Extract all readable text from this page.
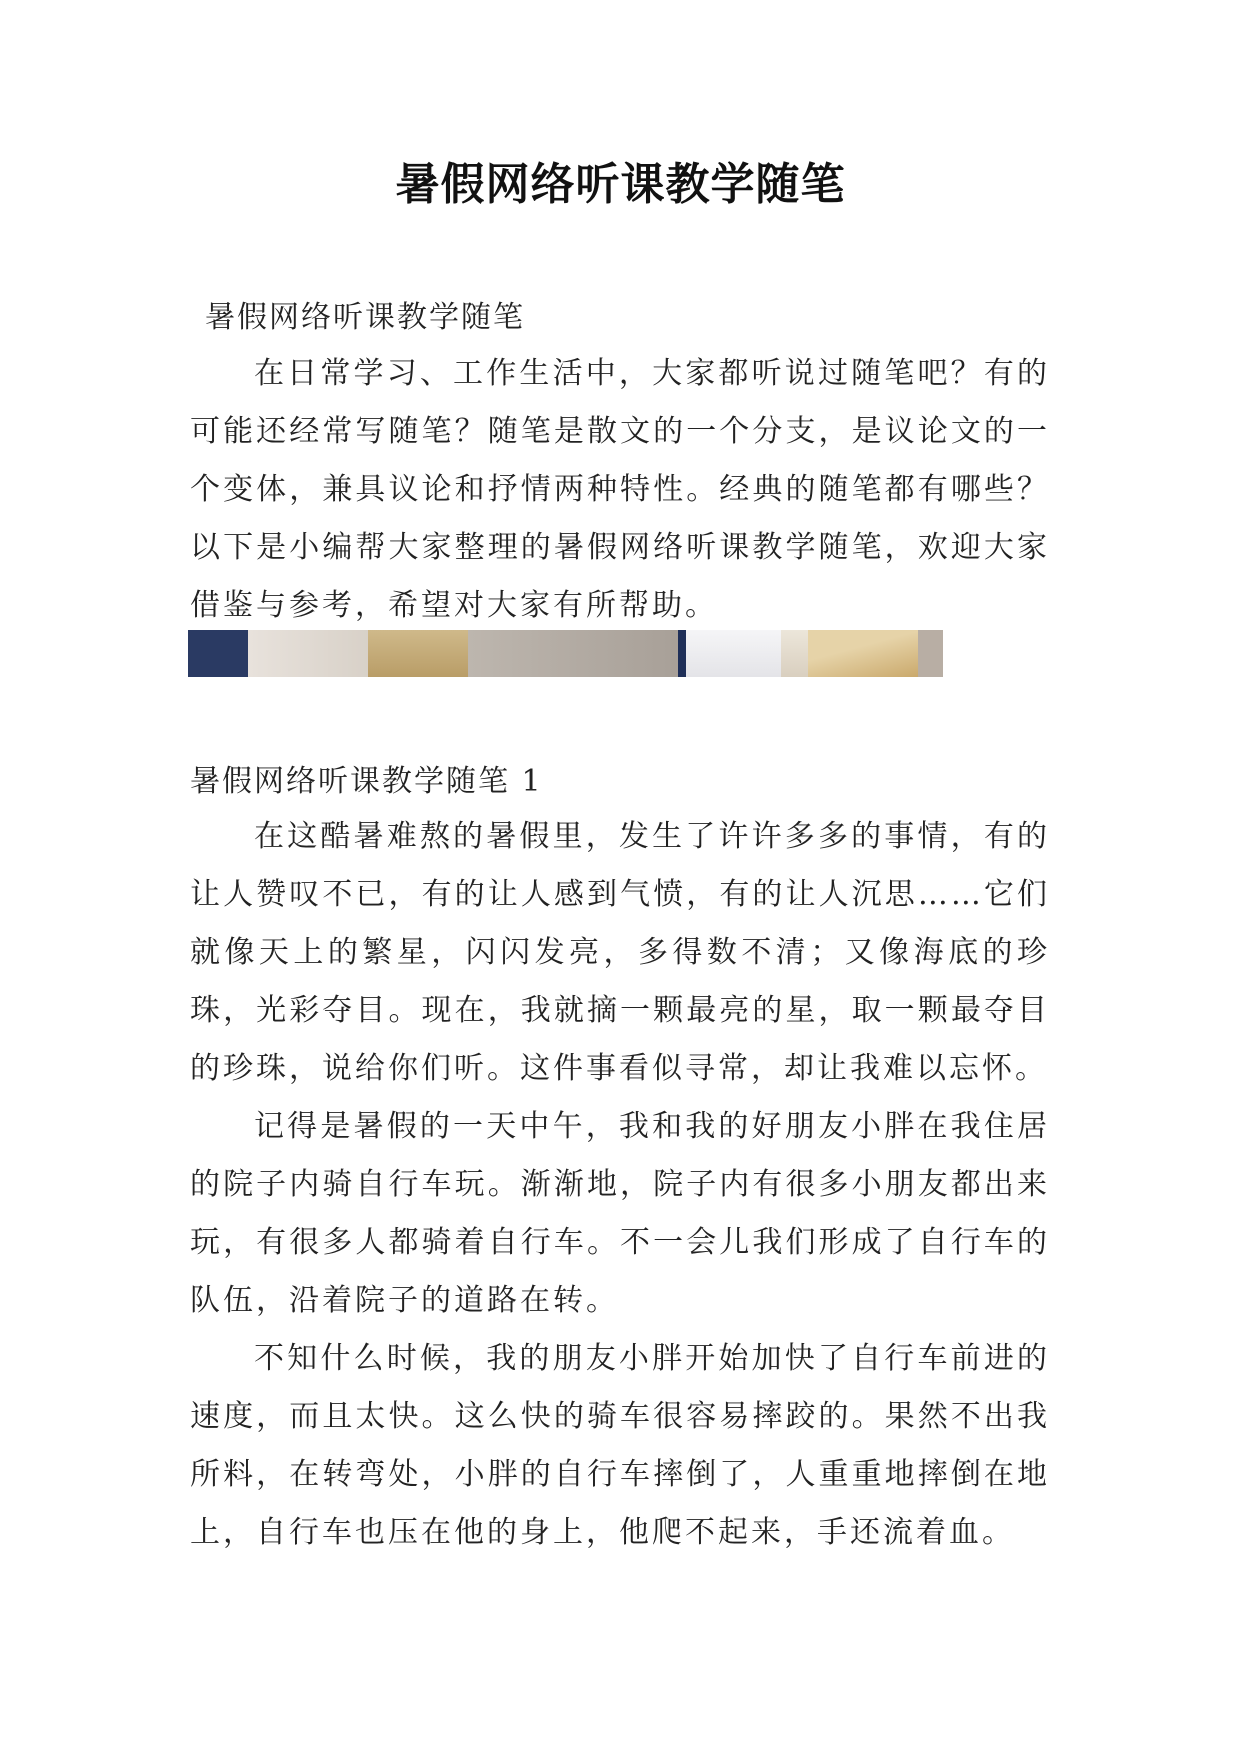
暑假网络听课教学随笔
暑假网络听课教学随笔
在日常学习、工作生活中，大家都听说过随笔吧？有的可能还经常写随笔？随笔是散文的一个分支，是议论文的一个变体，兼具议论和抒情两种特性。经典的随笔都有哪些？以下是小编帮大家整理的暑假网络听课教学随笔，欢迎大家借鉴与参考，希望对大家有所帮助。
暑假网络听课教学随笔 1
在这酷暑难熬的暑假里，发生了许许多多的事情，有的让人赞叹不已，有的让人感到气愤，有的让人沉思……它们就像天上的繁星，闪闪发亮，多得数不清；又像海底的珍珠，光彩夺目。现在，我就摘一颗最亮的星，取一颗最夺目的珍珠，说给你们听。这件事看似寻常，却让我难以忘怀。
记得是暑假的一天中午，我和我的好朋友小胖在我住居的院子内骑自行车玩。渐渐地，院子内有很多小朋友都出来玩，有很多人都骑着自行车。不一会儿我们形成了自行车的队伍，沿着院子的道路在转。
不知什么时候，我的朋友小胖开始加快了自行车前进的速度，而且太快。这么快的骑车很容易摔跤的。果然不出我所料，在转弯处，小胖的自行车摔倒了，人重重地摔倒在地上，自行车也压在他的身上，他爬不起来，手还流着血。
